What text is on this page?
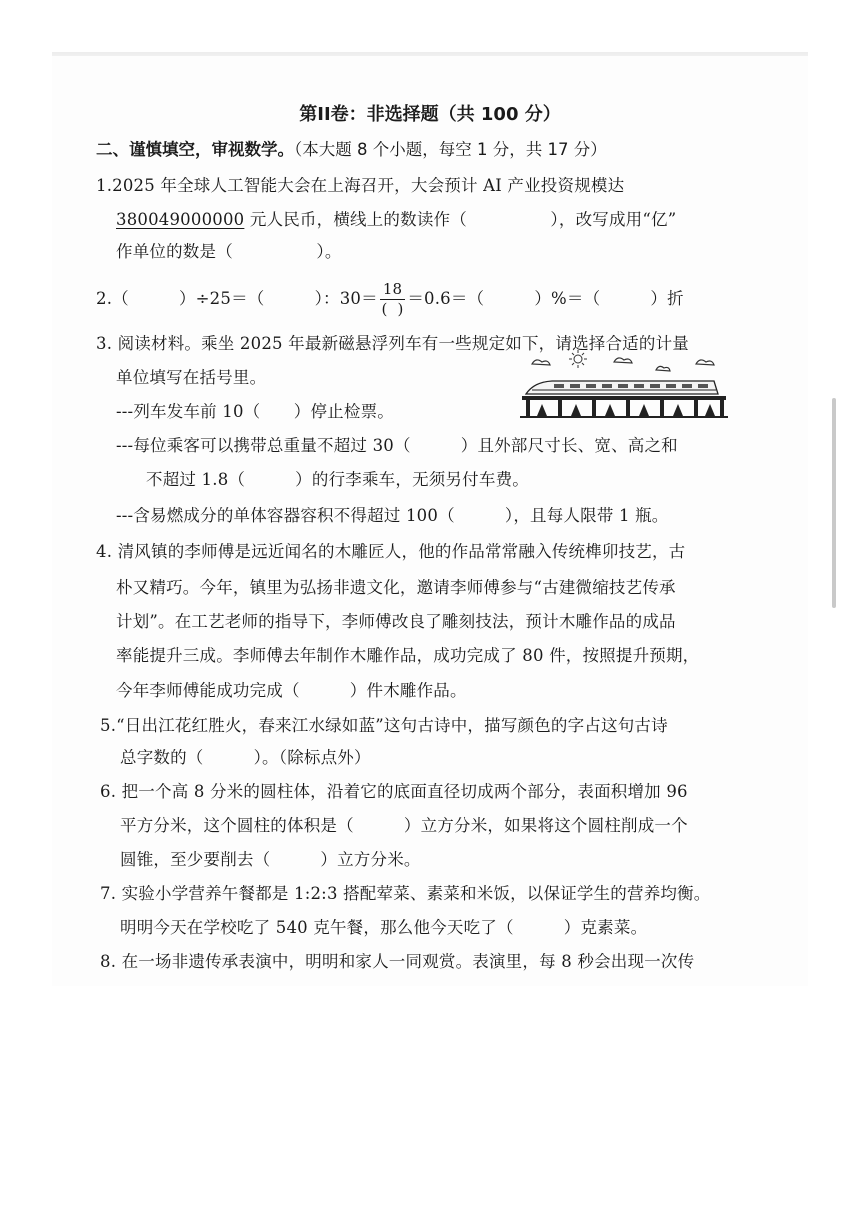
第II卷：非选择题（共 100 分）
二、谨慎填空，审视数学。（本大题 8 个小题，每空 1 分，共 17 分）
1.2025 年全球人工智能大会在上海召开，大会预计 AI 产业投资规模达
380049000000 元人民币，横线上的数读作（　　　　　），改写成用“亿”
作单位的数是（　　　　　）。
2.（　　　）÷25＝（　　　）：$30= \frac{18}{( )} =0.6=$（　　　）%＝（　　　）折
3. 阅读材料。乘坐 2025 年最新磁悬浮列车有一些规定如下，请选择合适的计量
单位填写在括号里。
---列车发车前 10（　　）停止检票。
---每位乘客可以携带总重量不超过 30（　　　）且外部尺寸长、宽、高之和
不超过 1.8（　　　）的行李乘车，无须另付车费。
---含易燃成分的单体容器容积不得超过 100（　　　），且每人限带 1 瓶。
4. 清风镇的李师傅是远近闻名的木雕匠人，他的作品常常融入传统榫卯技艺，古
朴又精巧。今年，镇里为弘扬非遗文化，邀请李师傅参与“古建微缩技艺传承
计划”。在工艺老师的指导下，李师傅改良了雕刻技法，预计木雕作品的成品
率能提升三成。李师傅去年制作木雕作品，成功完成了 80 件，按照提升预期，
今年李师傅能成功完成（　　　）件木雕作品。
5.“日出江花红胜火，春来江水绿如蓝”这句古诗中，描写颜色的字占这句古诗
总字数的（　　　）。（除标点外）
6. 把一个高 8 分米的圆柱体，沿着它的底面直径切成两个部分，表面积增加 96
平方分米，这个圆柱的体积是（　　　）立方分米，如果将这个圆柱削成一个
圆锥，至少要削去（　　　）立方分米。
7. 实验小学营养午餐都是 1:2:3 搭配荤菜、素菜和米饭，以保证学生的营养均衡。
明明今天在学校吃了 540 克午餐，那么他今天吃了（　　　）克素菜。
8. 在一场非遗传承表演中，明明和家人一同观赏。表演里，每 8 秒会出现一次传
